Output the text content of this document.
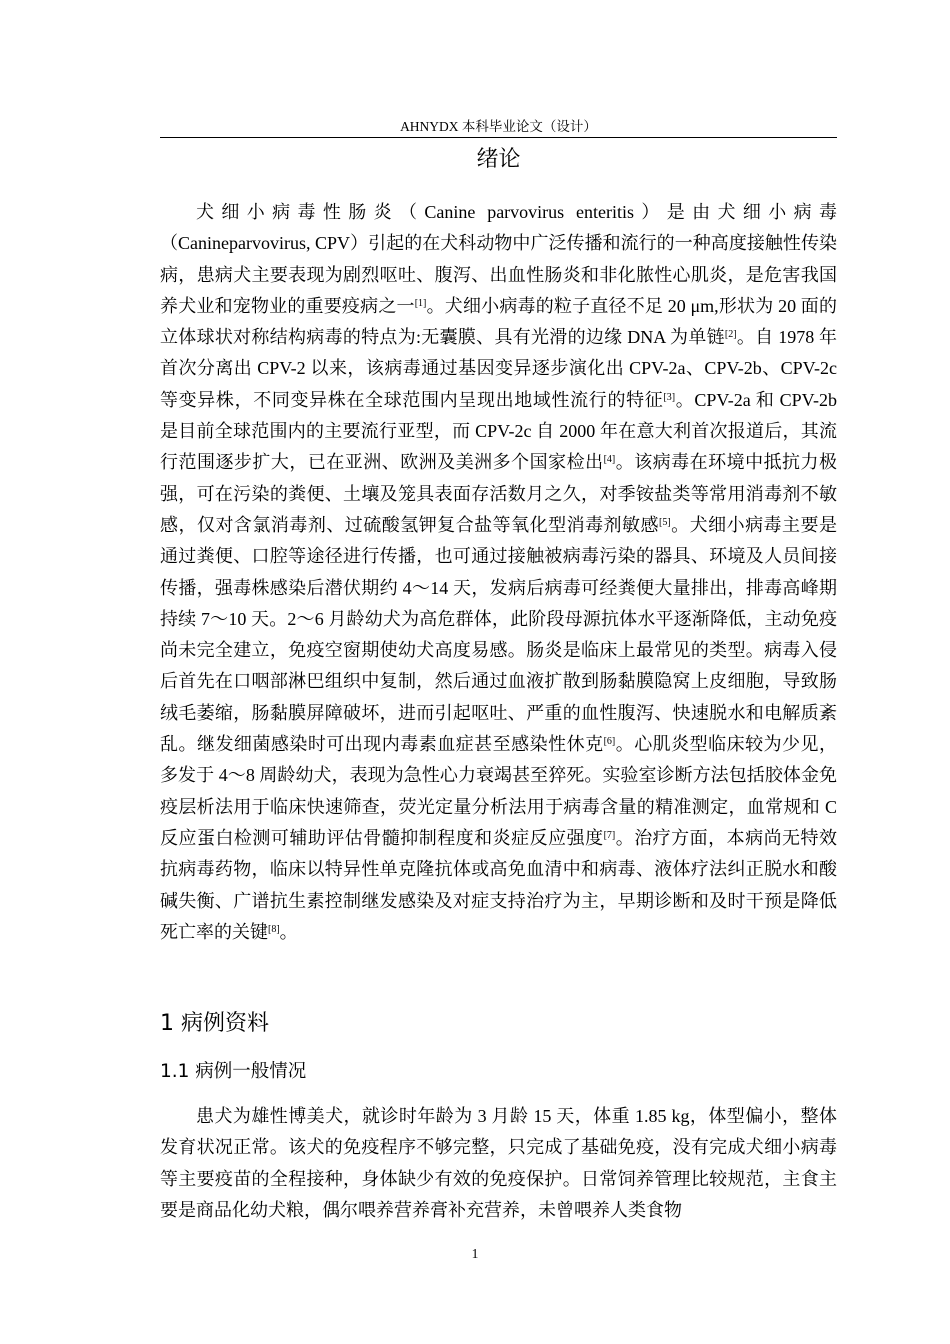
AHNYDX 本科毕业论文（设计）
绪论

犬细小病毒性肠炎（Canine parvovirus enteritis）是由犬细小病毒（Canineparvovirus, CPV）引起的在犬科动物中广泛传播和流行的一种高度接触性传染病，患病犬主要表现为剧烈呕吐、腹泻、出血性肠炎和非化脓性心肌炎，是危害我国养犬业和宠物业的重要疫病之一[1]。犬细小病毒的粒子直径不足 20 μm,形状为 20 面的立体球状对称结构病毒的特点为:无囊膜、具有光滑的边缘 DNA 为单链[2]。自 1978 年首次分离出 CPV-2 以来，该病毒通过基因变异逐步演化出 CPV-2a、CPV-2b、CPV-2c 等变异株，不同变异株在全球范围内呈现出地域性流行的特征[3]。CPV-2a 和 CPV-2b 是目前全球范围内的主要流行亚型，而 CPV-2c 自 2000 年在意大利首次报道后，其流行范围逐步扩大，已在亚洲、欧洲及美洲多个国家检出[4]。该病毒在环境中抵抗力极强，可在污染的粪便、土壤及笼具表面存活数月之久，对季铵盐类等常用消毒剂不敏感，仅对含氯消毒剂、过硫酸氢钾复合盐等氧化型消毒剂敏感[5]。犬细小病毒主要是通过粪便、口腔等途径进行传播，也可通过接触被病毒污染的器具、环境及人员间接传播，强毒株感染后潜伏期约 4～14 天，发病后病毒可经粪便大量排出，排毒高峰期持续 7～10 天。2～6 月龄幼犬为高危群体，此阶段母源抗体水平逐渐降低，主动免疫尚未完全建立，免疫空窗期使幼犬高度易感。肠炎是临床上最常见的类型。病毒入侵后首先在口咽部淋巴组织中复制，然后通过血液扩散到肠黏膜隐窝上皮细胞，导致肠绒毛萎缩，肠黏膜屏障破坏，进而引起呕吐、严重的血性腹泻、快速脱水和电解质紊乱。继发细菌感染时可出现内毒素血症甚至感染性休克[6]。心肌炎型临床较为少见，多发于 4～8 周龄幼犬，表现为急性心力衰竭甚至猝死。实验室诊断方法包括胶体金免疫层析法用于临床快速筛查，荧光定量分析法用于病毒含量的精准测定，血常规和 C 反应蛋白检测可辅助评估骨髓抑制程度和炎症反应强度[7]。治疗方面，本病尚无特效抗病毒药物，临床以特异性单克隆抗体或高免血清中和病毒、液体疗法纠正脱水和酸碱失衡、广谱抗生素控制继发感染及对症支持治疗为主，早期诊断和及时干预是降低死亡率的关键[8]。

1 病例资料
1.1 病例一般情况

患犬为雄性博美犬，就诊时年龄为 3 月龄 15 天，体重 1.85 kg，体型偏小，整体发育状况正常。该犬的免疫程序不够完整，只完成了基础免疫，没有完成犬细小病毒等主要疫苗的全程接种，身体缺少有效的免疫保护。日常饲养管理比较规范，主食主要是商品化幼犬粮，偶尔喂养营养膏补充营养，未曾喂养人类食物

1
